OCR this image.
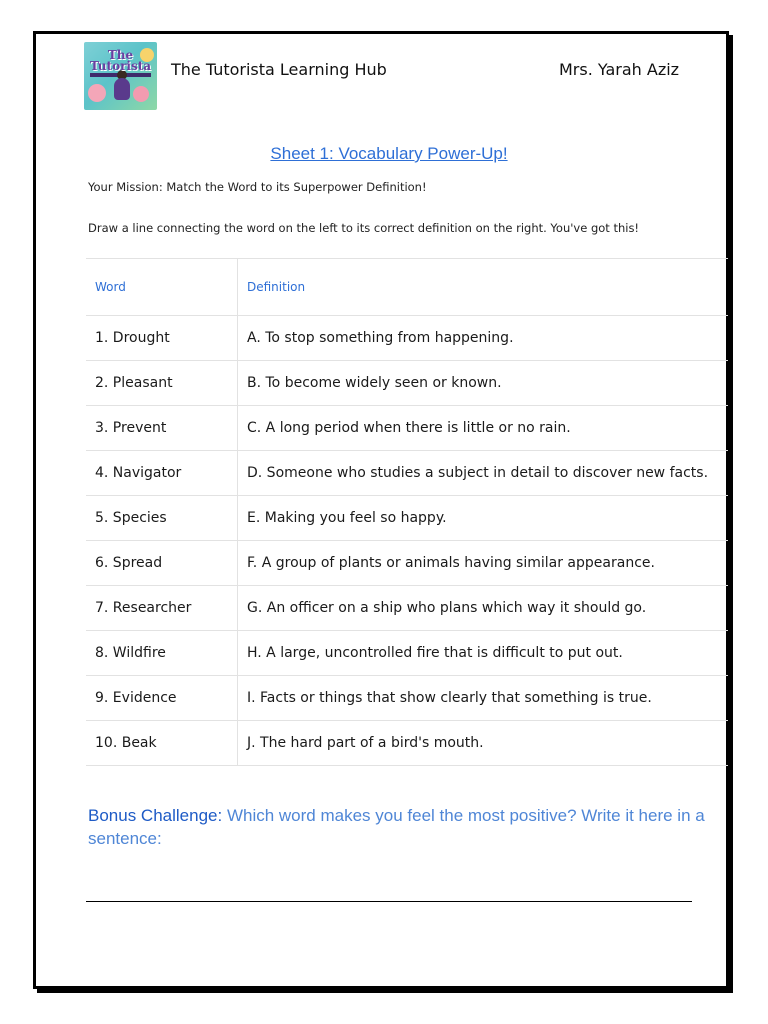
The Tutorista	The Tutorista Learning Hub	Mrs. Yarah Aziz
Sheet 1: Vocabulary Power-Up!
Your Mission: Match the Word to its Superpower Definition!
Draw a line connecting the word on the left to its correct definition on the right. You've got this!
Word	Definition
1. Drought	A. To stop something from happening.
2. Pleasant	B. To become widely seen or known.
3. Prevent	C. A long period when there is little or no rain.
4. Navigator	D. Someone who studies a subject in detail to discover new facts.
5. Species	E. Making you feel so happy.
6. Spread	F. A group of plants or animals having similar appearance.
7. Researcher	G. An officer on a ship who plans which way it should go.
8. Wildfire	H. A large, uncontrolled fire that is difficult to put out.
9. Evidence	I. Facts or things that show clearly that something is true.
10. Beak	J. The hard part of a bird's mouth.
Bonus Challenge: Which word makes you feel the most positive? Write it here in a sentence:
